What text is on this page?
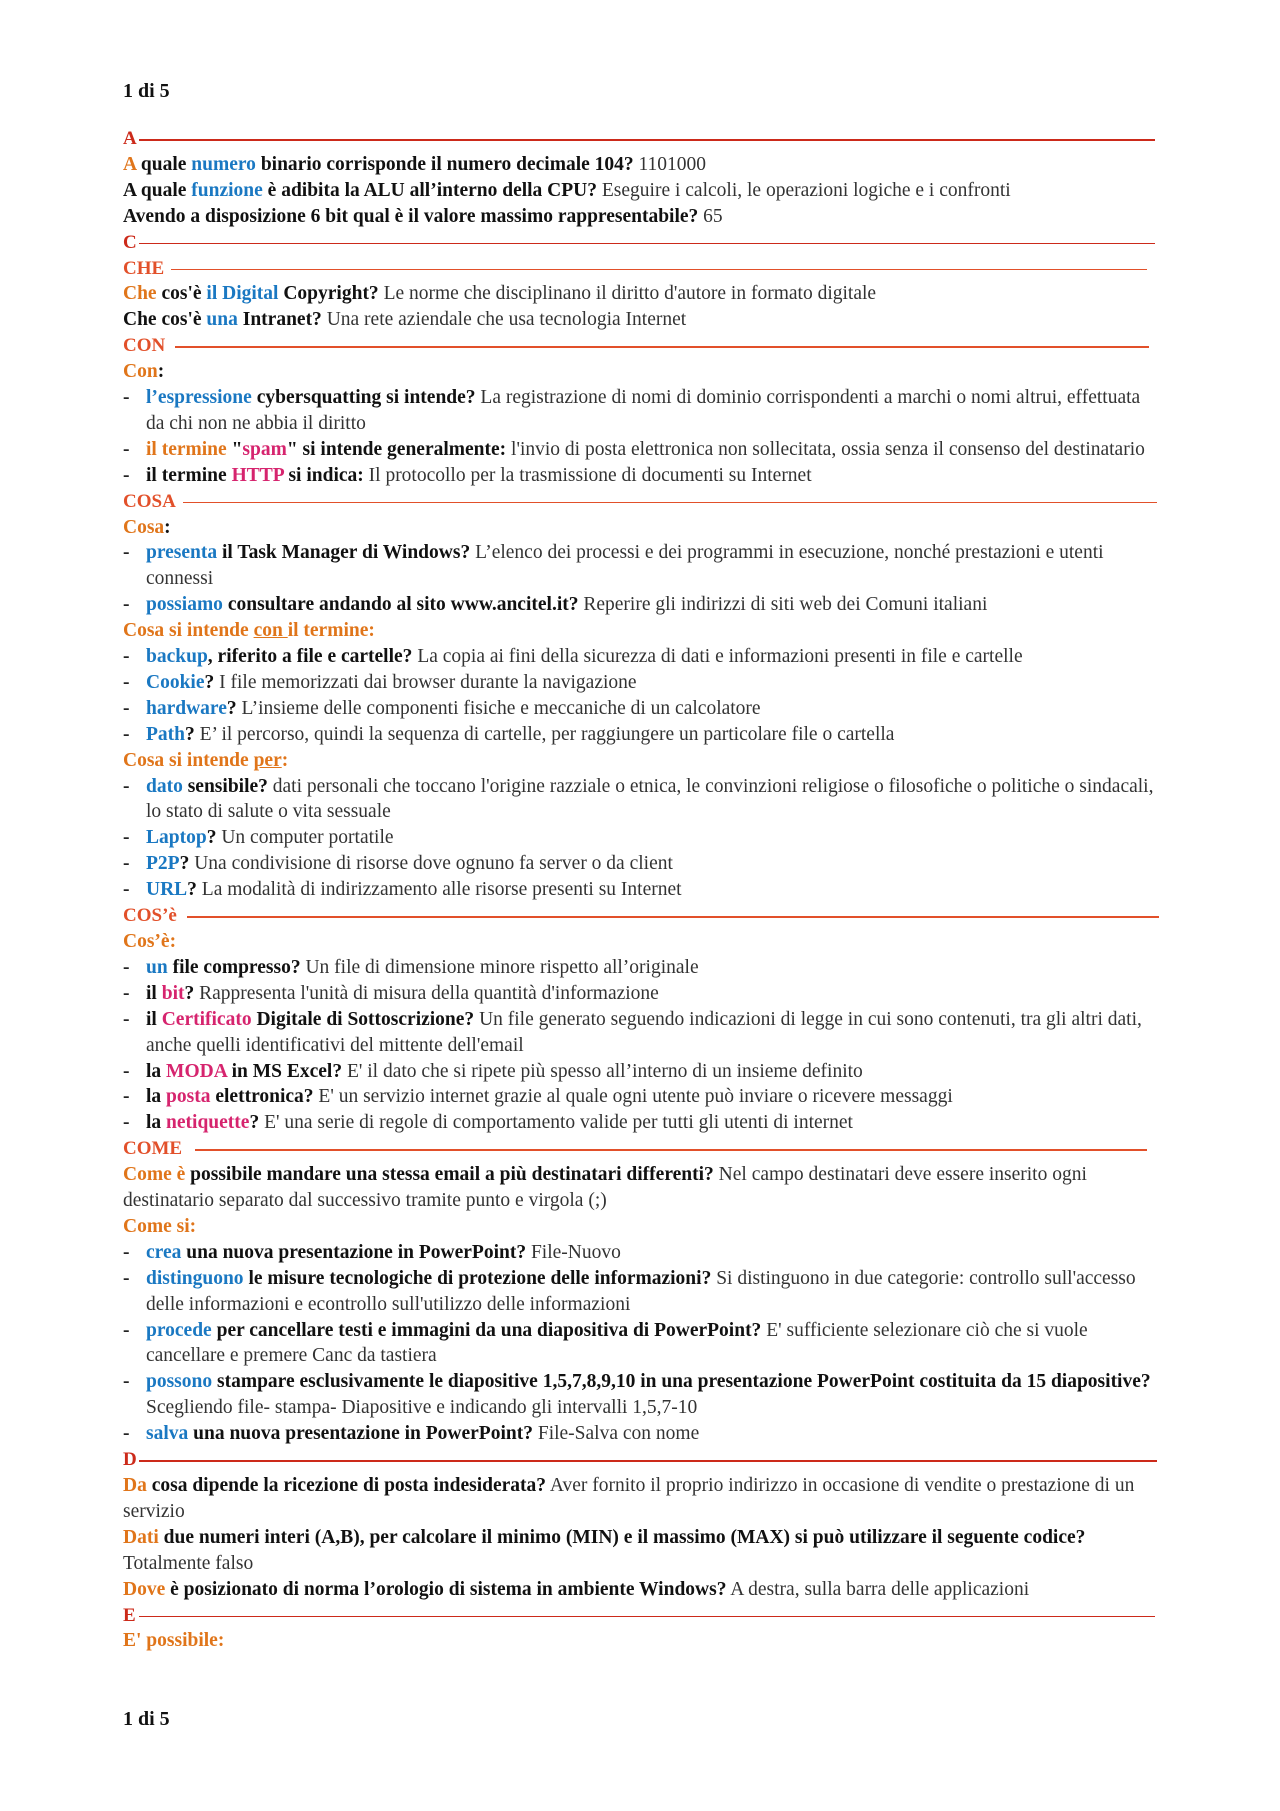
1 di 5
A
A quale numero binario corrisponde il numero decimale 104? 1101000
A quale funzione è adibita la ALU all’interno della CPU? Eseguire i calcoli, le operazioni logiche e i confronti
Avendo a disposizione 6 bit qual è il valore massimo rappresentabile? 65
C
CHE
Che cos'è il Digital Copyright? Le norme che disciplinano il diritto d'autore in formato digitale
Che cos'è una Intranet? Una rete aziendale che usa tecnologia Internet
CON
Con:
- l’espressione cybersquatting si intende? La registrazione di nomi di dominio corrispondenti a marchi o nomi altrui, effettuata da chi non ne abbia il diritto
- il termine "spam" si intende generalmente: l'invio di posta elettronica non sollecitata, ossia senza il consenso del destinatario
- il termine HTTP si indica: Il protocollo per la trasmissione di documenti su Internet
COSA
Cosa:
- presenta il Task Manager di Windows? L’elenco dei processi e dei programmi in esecuzione, nonché prestazioni e utenti connessi
- possiamo consultare andando al sito www.ancitel.it? Reperire gli indirizzi di siti web dei Comuni italiani
Cosa si intende con il termine:
- backup, riferito a file e cartelle? La copia ai fini della sicurezza di dati e informazioni presenti in file e cartelle
- Cookie? I file memorizzati dai browser durante la navigazione
- hardware? L’insieme delle componenti fisiche e meccaniche di un calcolatore
- Path? E’ il percorso, quindi la sequenza di cartelle, per raggiungere un particolare file o cartella
Cosa si intende per:
- dato sensibile? dati personali che toccano l'origine razziale o etnica, le convinzioni religiose o filosofiche o politiche o sindacali, lo stato di salute o vita sessuale
- Laptop? Un computer portatile
- P2P? Una condivisione di risorse dove ognuno fa server o da client
- URL? La modalità di indirizzamento alle risorse presenti su Internet
COS’è
Cos’è:
- un file compresso? Un file di dimensione minore rispetto all’originale
- il bit? Rappresenta l'unità di misura della quantità d'informazione
- il Certificato Digitale di Sottoscrizione? Un file generato seguendo indicazioni di legge in cui sono contenuti, tra gli altri dati, anche quelli identificativi del mittente dell'email
- la MODA in MS Excel? E' il dato che si ripete più spesso all’interno di un insieme definito
- la posta elettronica? E' un servizio internet grazie al quale ogni utente può inviare o ricevere messaggi
- la netiquette? E' una serie di regole di comportamento valide per tutti gli utenti di internet
COME
Come è possibile mandare una stessa email a più destinatari differenti? Nel campo destinatari deve essere inserito ogni destinatario separato dal successivo tramite punto e virgola (;)
Come si:
- crea una nuova presentazione in PowerPoint? File-Nuovo
- distinguono le misure tecnologiche di protezione delle informazioni? Si distinguono in due categorie: controllo sull'accesso delle informazioni e econtrollo sull'utilizzo delle informazioni
- procede per cancellare testi e immagini da una diapositiva di PowerPoint? E' sufficiente selezionare ciò che si vuole cancellare e premere Canc da tastiera
- possono stampare esclusivamente le diapositive 1,5,7,8,9,10 in una presentazione PowerPoint costituita da 15 diapositive? Scegliendo file- stampa- Diapositive e indicando gli intervalli 1,5,7-10
- salva una nuova presentazione in PowerPoint? File-Salva con nome
D
Da cosa dipende la ricezione di posta indesiderata? Aver fornito il proprio indirizzo in occasione di vendite o prestazione di un servizio
Dati due numeri interi (A,B), per calcolare il minimo (MIN) e il massimo (MAX) si può utilizzare il seguente codice? Totalmente falso
Dove è posizionato di norma l’orologio di sistema in ambiente Windows? A destra, sulla barra delle applicazioni
E
E' possibile:
1 di 5
